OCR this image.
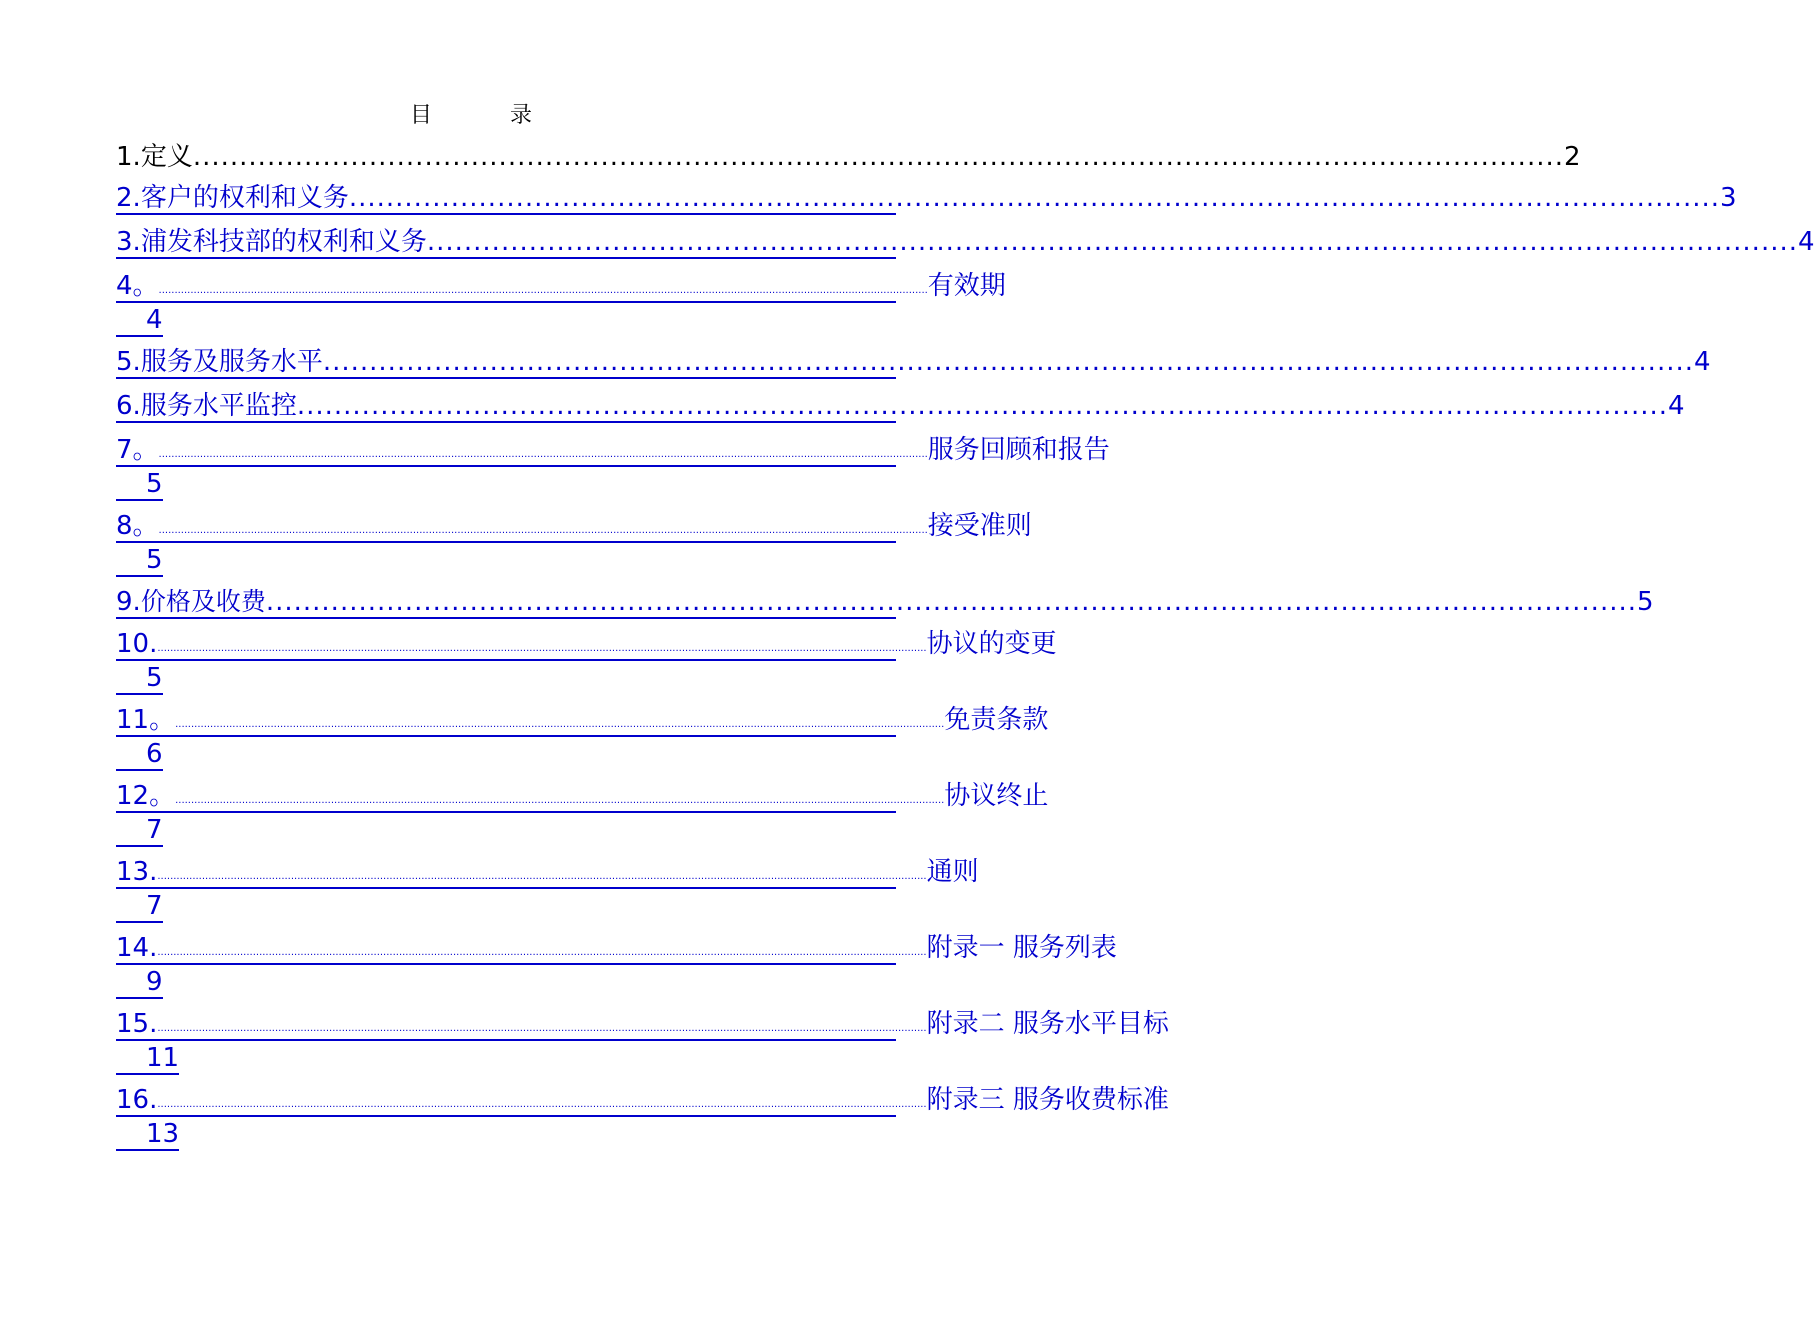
目　录
1. 定义 .................................................................................................................................................... 2
2. 客户的权利和义务 .................................................................................................................................................... 3
3. 浦发科技部的权利和义务 .................................................................................................................................................... 4
4。 .................................................................................................................................................................................................................................................. 有效期
4
5. 服务及服务水平 .................................................................................................................................................... 4
6. 服务水平监控 .................................................................................................................................................... 4
7。 .................................................................................................................................................................................................................................................. 服务回顾和报告
5
8。 .................................................................................................................................................................................................................................................. 接受准则
5
9. 价格及收费 .................................................................................................................................................... 5
10. .................................................................................................................................................................................................................................................. 协议的变更
5
11。 .................................................................................................................................................................................................................................................. 免责条款
6
12。 .................................................................................................................................................................................................................................................. 协议终止
7
13. .................................................................................................................................................................................................................................................. 通则
7
14. .................................................................................................................................................................................................................................................. 附录一 服务列表
9
15. .................................................................................................................................................................................................................................................. 附录二 服务水平目标
11
16. .................................................................................................................................................................................................................................................. 附录三 服务收费标准
13
